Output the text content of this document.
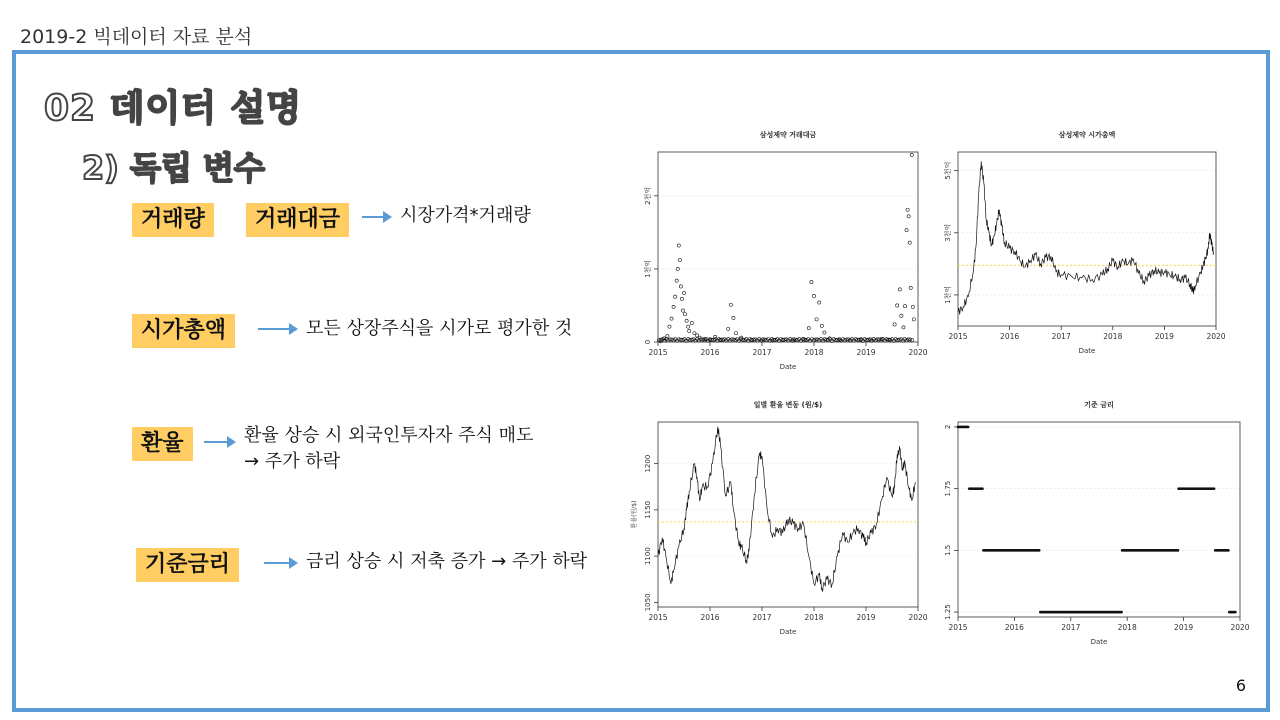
2019-2 빅데이터 자료 분석
02 데이터 설명
2) 독립 변수
거래량	거래대금	시장가격*거래량
시가총액	모든 상장주식을 시가로 평가한 것
환율	환율 상승 시 외국인투자자 주식 매도
→ 주가 하락
기준금리	금리 상승 시 저축 증가 → 주가 하락
삼성제약 거래대금
0
1천억
2천억
2015	2016	2017	2018	2019	2020
Date
삼성제약 시가총액
1천억
3천억
5천억
2015	2016	2017	2018	2019	2020
Date
일별 환율 변동 (원/$)
1050
1100
1150
1200
2015	2016	2017	2018	2019	2020
Date
환율(원/$)
기준 금리
1.25
1.5
1.75
2
2015	2016	2017	2018	2019	2020
Date
6
